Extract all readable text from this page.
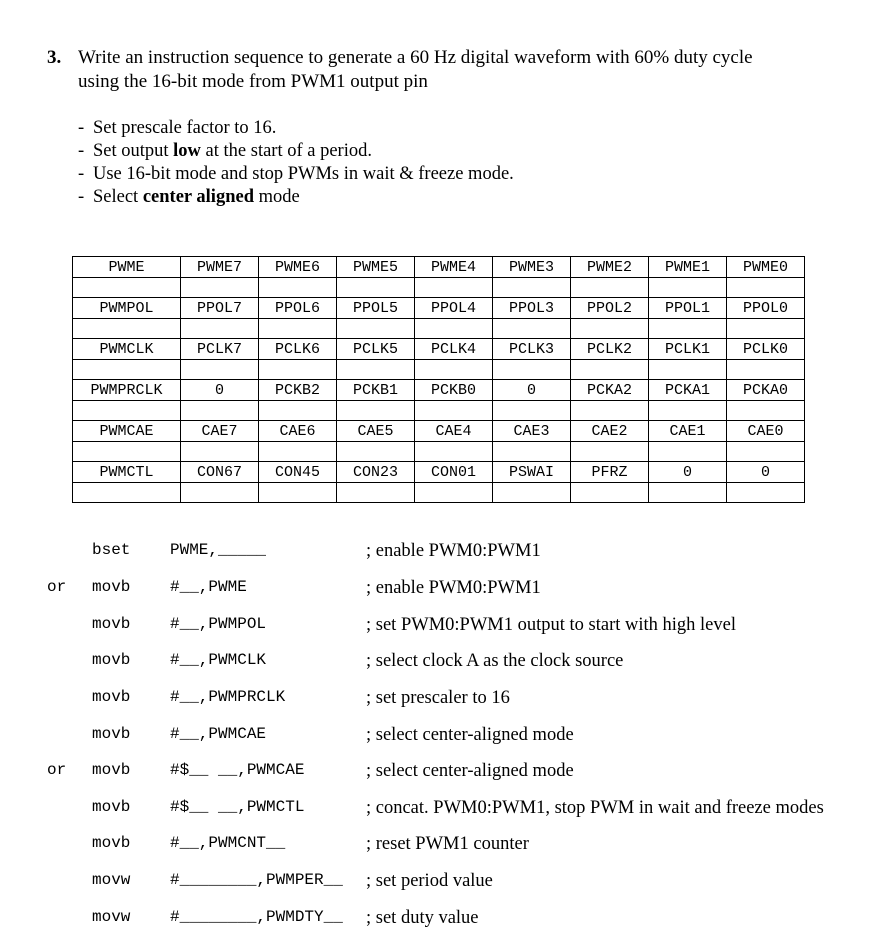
3. Write an instruction sequence to generate a 60 Hz digital waveform with 60% duty cycle
using the 16-bit mode from PWM1 output pin
- Set prescale factor to 16.
- Set output low at the start of a period.
- Use 16-bit mode and stop PWMs in wait & freeze mode.
- Select center aligned mode
PWME	PWME7	PWME6	PWME5	PWME4	PWME3	PWME2	PWME1	PWME0

PWMPOL	PPOL7	PPOL6	PPOL5	PPOL4	PPOL3	PPOL2	PPOL1	PPOL0

PWMCLK	PCLK7	PCLK6	PCLK5	PCLK4	PCLK3	PCLK2	PCLK1	PCLK0

PWMPRCLK	0	PCKB2	PCKB1	PCKB0	0	PCKA2	PCKA1	PCKA0

PWMCAE	CAE7	CAE6	CAE5	CAE4	CAE3	CAE2	CAE1	CAE0

PWMCTL	CON67	CON45	CON23	CON01	PSWAI	PFRZ	0	0

bset PWME,_____	; enable PWM0:PWM1
or movb #__,PWME	; enable PWM0:PWM1
movb #__,PWMPOL	; set PWM0:PWM1 output to start with high level
movb #__,PWMCLK	; select clock A as the clock source
movb #__,PWMPRCLK	; set prescaler to 16
movb #__,PWMCAE	; select center-aligned mode
or movb #$__ __,PWMCAE	; select center-aligned mode
movb #$__ __,PWMCTL	; concat. PWM0:PWM1, stop PWM in wait and freeze modes
movb #__,PWMCNT__	; reset PWM1 counter
movw #________,PWMPER__ ; set period value
movw #________,PWMDTY__ ; set duty value
